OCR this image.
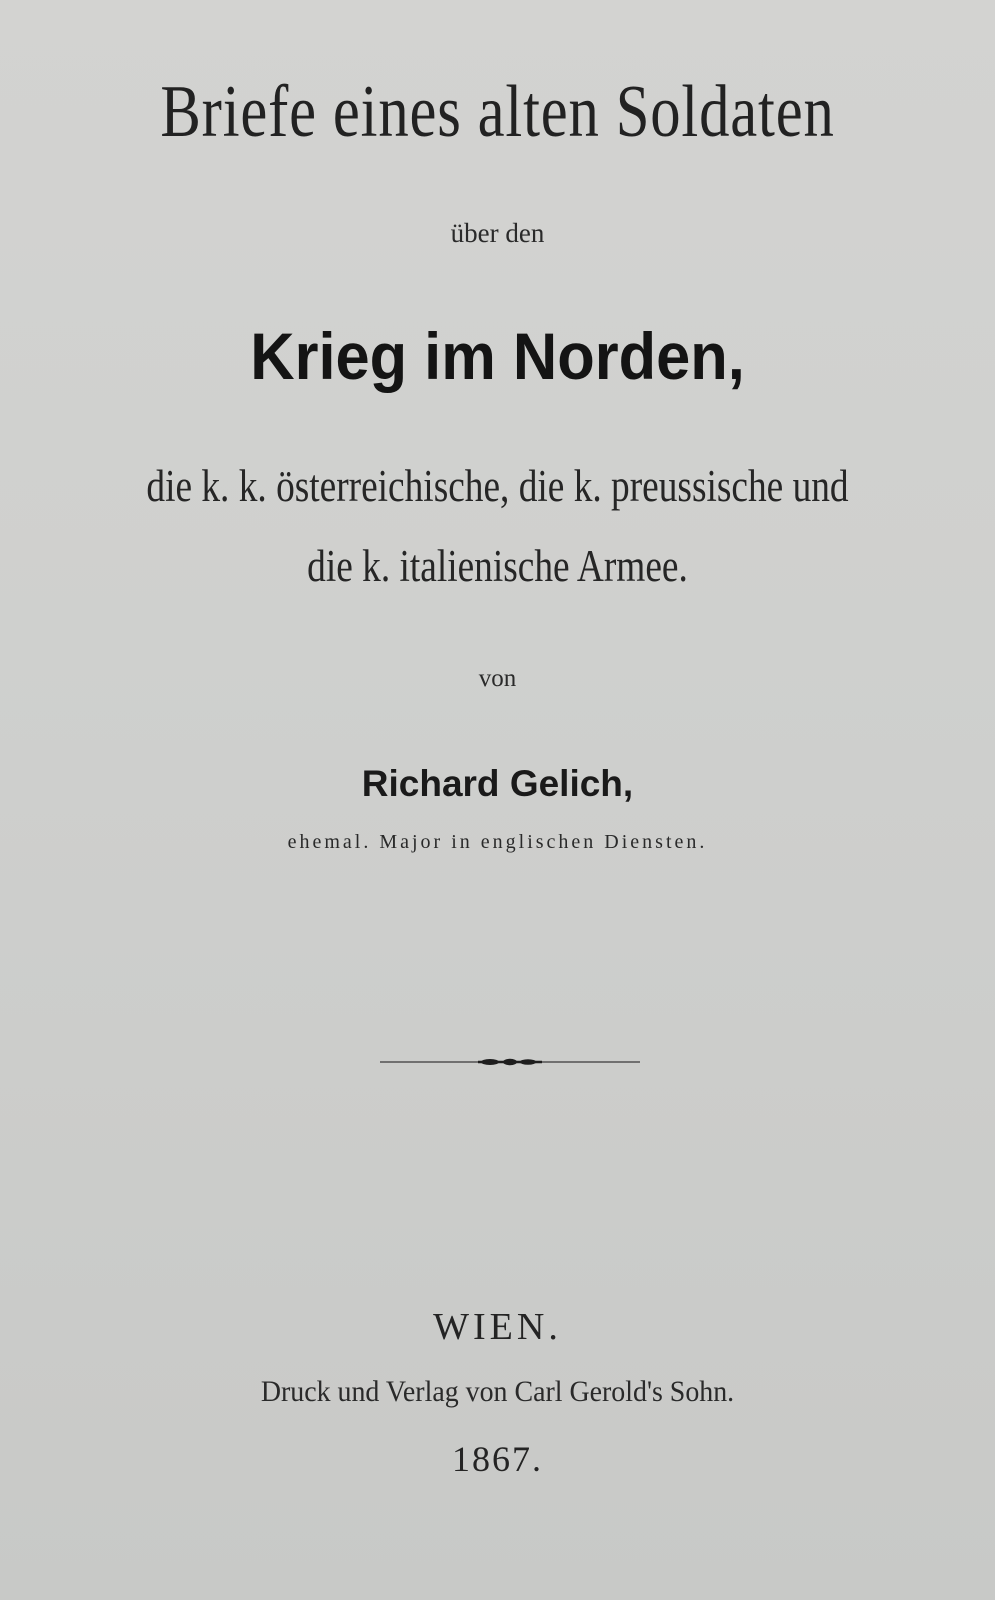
Briefe eines alten Soldaten
über den
Krieg im Norden,
die k. k. österreichische, die k. preussische und
die k. italienische Armee.
von
Richard Gelich,
ehemal. Major in englischen Diensten.
WIEN.
Druck und Verlag von Carl Gerold's Sohn.
1867.
